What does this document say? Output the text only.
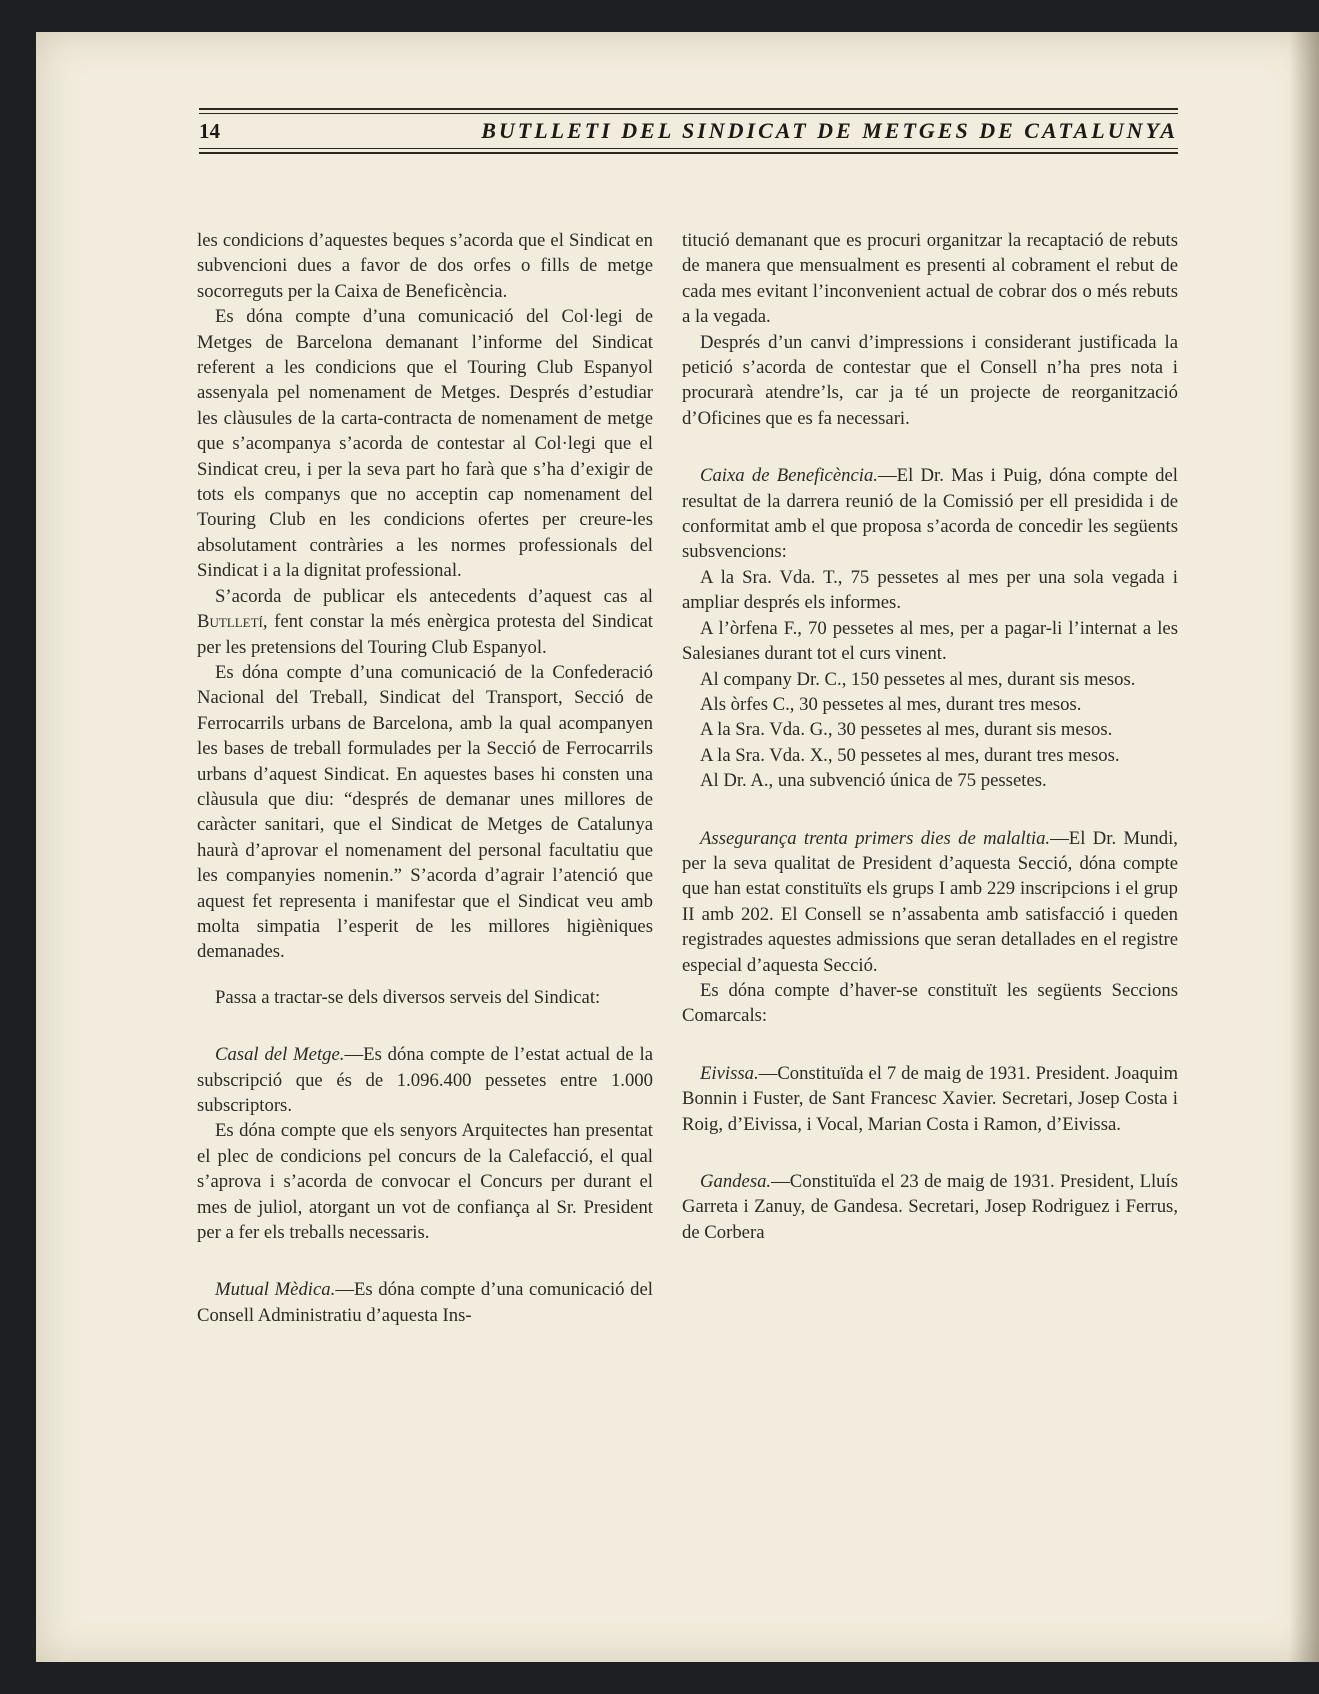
14	BUTLLETI DEL SINDICAT DE METGES DE CATALUNYA

les condicions d’aquestes beques s’acorda que el Sindicat en subvencioni dues a favor de dos orfes o fills de metge socorreguts per la Caixa de Beneficència.

Es dóna compte d’una comunicació del Col·legi de Metges de Barcelona demanant l’informe del Sindicat referent a les condicions que el Touring Club Espanyol assenyala pel nomenament de Metges. Després d’estudiar les clàusules de la carta-contracta de nomenament de metge que s’acompanya s’acorda de contestar al Col·legi que el Sindicat creu, i per la seva part ho farà que s’ha d’exigir de tots els companys que no acceptin cap nomenament del Touring Club en les condicions ofertes per creure-les absolutament contràries a les normes professionals del Sindicat i a la dignitat professional.

S’acorda de publicar els antecedents d’aquest cas al Butlletí, fent constar la més enèrgica protesta del Sindicat per les pretensions del Touring Club Espanyol.

Es dóna compte d’una comunicació de la Confederació Nacional del Treball, Sindicat del Transport, Secció de Ferrocarrils urbans de Barcelona, amb la qual acompanyen les bases de treball formulades per la Secció de Ferrocarrils urbans d’aquest Sindicat. En aquestes bases hi consten una clàusula que diu: “després de demanar unes millores de caràcter sanitari, que el Sindicat de Metges de Catalunya haurà d’aprovar el nomenament del personal facultatiu que les companyies nomenin.” S’acorda d’agrair l’atenció que aquest fet representa i manifestar que el Sindicat veu amb molta simpatia l’esperit de les millores higièniques demanades.

Passa a tractar-se dels diversos serveis del Sindicat:

Casal del Metge.—Es dóna compte de l’estat actual de la subscripció que és de 1.096.400 pessetes entre 1.000 subscriptors.

Es dóna compte que els senyors Arquitectes han presentat el plec de condicions pel concurs de la Calefacció, el qual s’aprova i s’acorda de convocar el Concurs per durant el mes de juliol, atorgant un vot de confiança al Sr. President per a fer els treballs necessaris.

Mutual Mèdica.—Es dóna compte d’una comunicació del Consell Administratiu d’aquesta Ins-

titució demanant que es procuri organitzar la recaptació de rebuts de manera que mensualment es presenti al cobrament el rebut de cada mes evitant l’inconvenient actual de cobrar dos o més rebuts a la vegada.

Després d’un canvi d’impressions i considerant justificada la petició s’acorda de contestar que el Consell n’ha pres nota i procurarà atendre’ls, car ja té un projecte de reorganització d’Oficines que es fa necessari.

Caixa de Beneficència.—El Dr. Mas i Puig, dóna compte del resultat de la darrera reunió de la Comissió per ell presidida i de conformitat amb el que proposa s’acorda de concedir les següents subsvencions:

A la Sra. Vda. T., 75 pessetes al mes per una sola vegada i ampliar després els informes.

A l’òrfena F., 70 pessetes al mes, per a pagar-li l’internat a les Salesianes durant tot el curs vinent.

Al company Dr. C., 150 pessetes al mes, durant sis mesos.

Als òrfes C., 30 pessetes al mes, durant tres mesos.

A la Sra. Vda. G., 30 pessetes al mes, durant sis mesos.

A la Sra. Vda. X., 50 pessetes al mes, durant tres mesos.

Al Dr. A., una subvenció única de 75 pessetes.

Assegurança trenta primers dies de malaltia.—El Dr. Mundi, per la seva qualitat de President d’aquesta Secció, dóna compte que han estat constituïts els grups I amb 229 inscripcions i el grup II amb 202. El Consell se n’assabenta amb satisfacció i queden registrades aquestes admissions que seran detallades en el registre especial d’aquesta Secció.

Es dóna compte d’haver-se constituït les següents Seccions Comarcals:

Eivissa.—Constituïda el 7 de maig de 1931. President. Joaquim Bonnin i Fuster, de Sant Francesc Xavier. Secretari, Josep Costa i Roig, d’Eivissa, i Vocal, Marian Costa i Ramon, d’Eivissa.

Gandesa.—Constituïda el 23 de maig de 1931. President, Lluís Garreta i Zanuy, de Gandesa. Secretari, Josep Rodriguez i Ferrus, de Corbera
